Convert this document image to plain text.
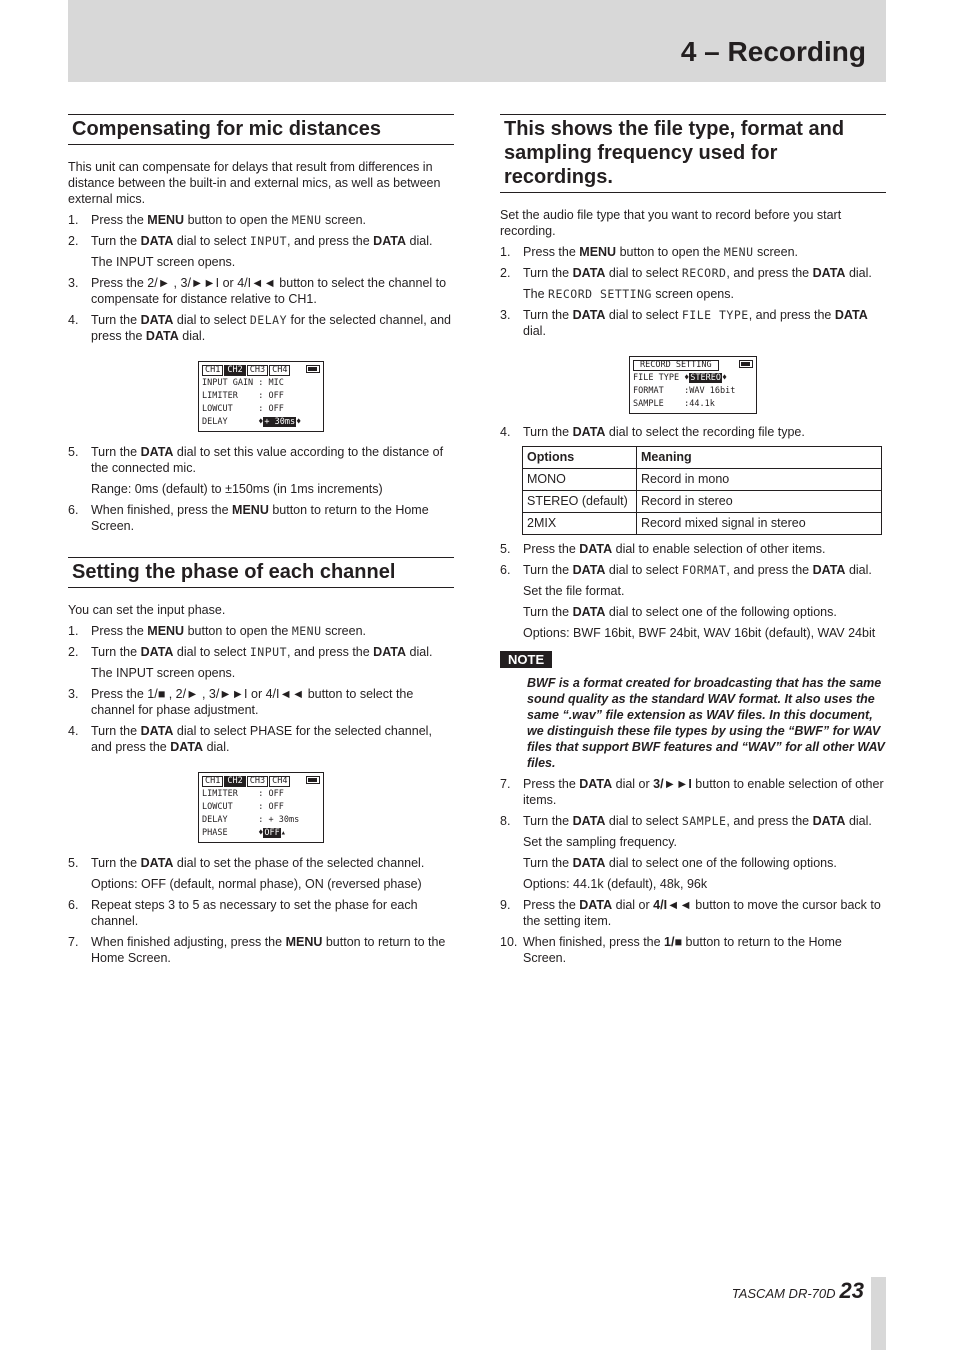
4 – Recording
Compensating for mic distances

This unit can compensate for delays that result from differences in distance between the built-in and external mics, as well as between external mics.

1. Press the MENU button to open the MENU screen.
2. Turn the DATA dial to select INPUT, and press the DATA dial.
The INPUT screen opens.
3. Press the 2/► , 3/►►I or 4/I◄◄ button to select the channel to compensate for distance relative to CH1.
4. Turn the DATA dial to select DELAY for the selected channel, and press the DATA dial.
CH1 CH2 CH3 CH4
INPUT GAIN : MIC
LIMITER    : OFF
LOWCUT     : OFF
DELAY      ♦+ 30ms♦
5. Turn the DATA dial to set this value according to the distance of the connected mic.
Range: 0ms (default) to ±150ms (in 1ms increments)
6. When finished, press the MENU button to return to the Home Screen.
Setting the phase of each channel

You can set the input phase.

1. Press the MENU button to open the MENU screen.
2. Turn the DATA dial to select INPUT, and press the DATA dial.
The INPUT screen opens.
3. Press the 1/■ , 2/► , 3/►►I or 4/I◄◄ button to select the channel for phase adjustment.
4. Turn the DATA dial to select PHASE for the selected channel, and press the DATA dial.
CH1 CH2 CH3 CH4
LIMITER    : OFF
LOWCUT     : OFF
DELAY      : + 30ms
PHASE      ♦OFF▴
5. Turn the DATA dial to set the phase of the selected channel.
Options: OFF (default, normal phase), ON (reversed phase)
6. Repeat steps 3 to 5 as necessary to set the phase for each channel.
7. When finished adjusting, press the MENU button to return to the Home Screen.
This shows the file type, format and sampling frequency used for recordings.

Set the audio file type that you want to record before you start recording.

1. Press the MENU button to open the MENU screen.
2. Turn the DATA dial to select RECORD, and press the DATA dial.
The RECORD SETTING screen opens.
3. Turn the DATA dial to select FILE TYPE, and press the DATA dial.
RECORD SETTING
FILE TYPE ♦STEREO♦
FORMAT    :WAV 16bit
SAMPLE    :44.1k
4. Turn the DATA dial to select the recording file type.
Options	Meaning
MONO	Record in mono
STEREO (default)	Record in stereo
2MIX	Record mixed signal in stereo
5. Press the DATA dial to enable selection of other items.
6. Turn the DATA dial to select FORMAT, and press the DATA dial.
Set the file format.
Turn the DATA dial to select one of the following options.
Options: BWF 16bit, BWF 24bit, WAV 16bit (default), WAV 24bit
NOTE

BWF is a format created for broadcasting that has the same sound quality as the standard WAV format. It also uses the same “.wav” file extension as WAV files. In this document, we distinguish these file types by using the “BWF” for WAV files that support BWF features and “WAV” for all other WAV files.

7. Press the DATA dial or 3/►►I button to enable selection of other items.
8. Turn the DATA dial to select SAMPLE, and press the DATA dial.
Set the sampling frequency.
Turn the DATA dial to select one of the following options.
Options: 44.1k (default), 48k, 96k
9. Press the DATA dial or 4/I◄◄ button to move the cursor back to the setting item.
10. When finished, press the 1/■ button to return to the Home Screen.
TASCAM DR-70D 23
